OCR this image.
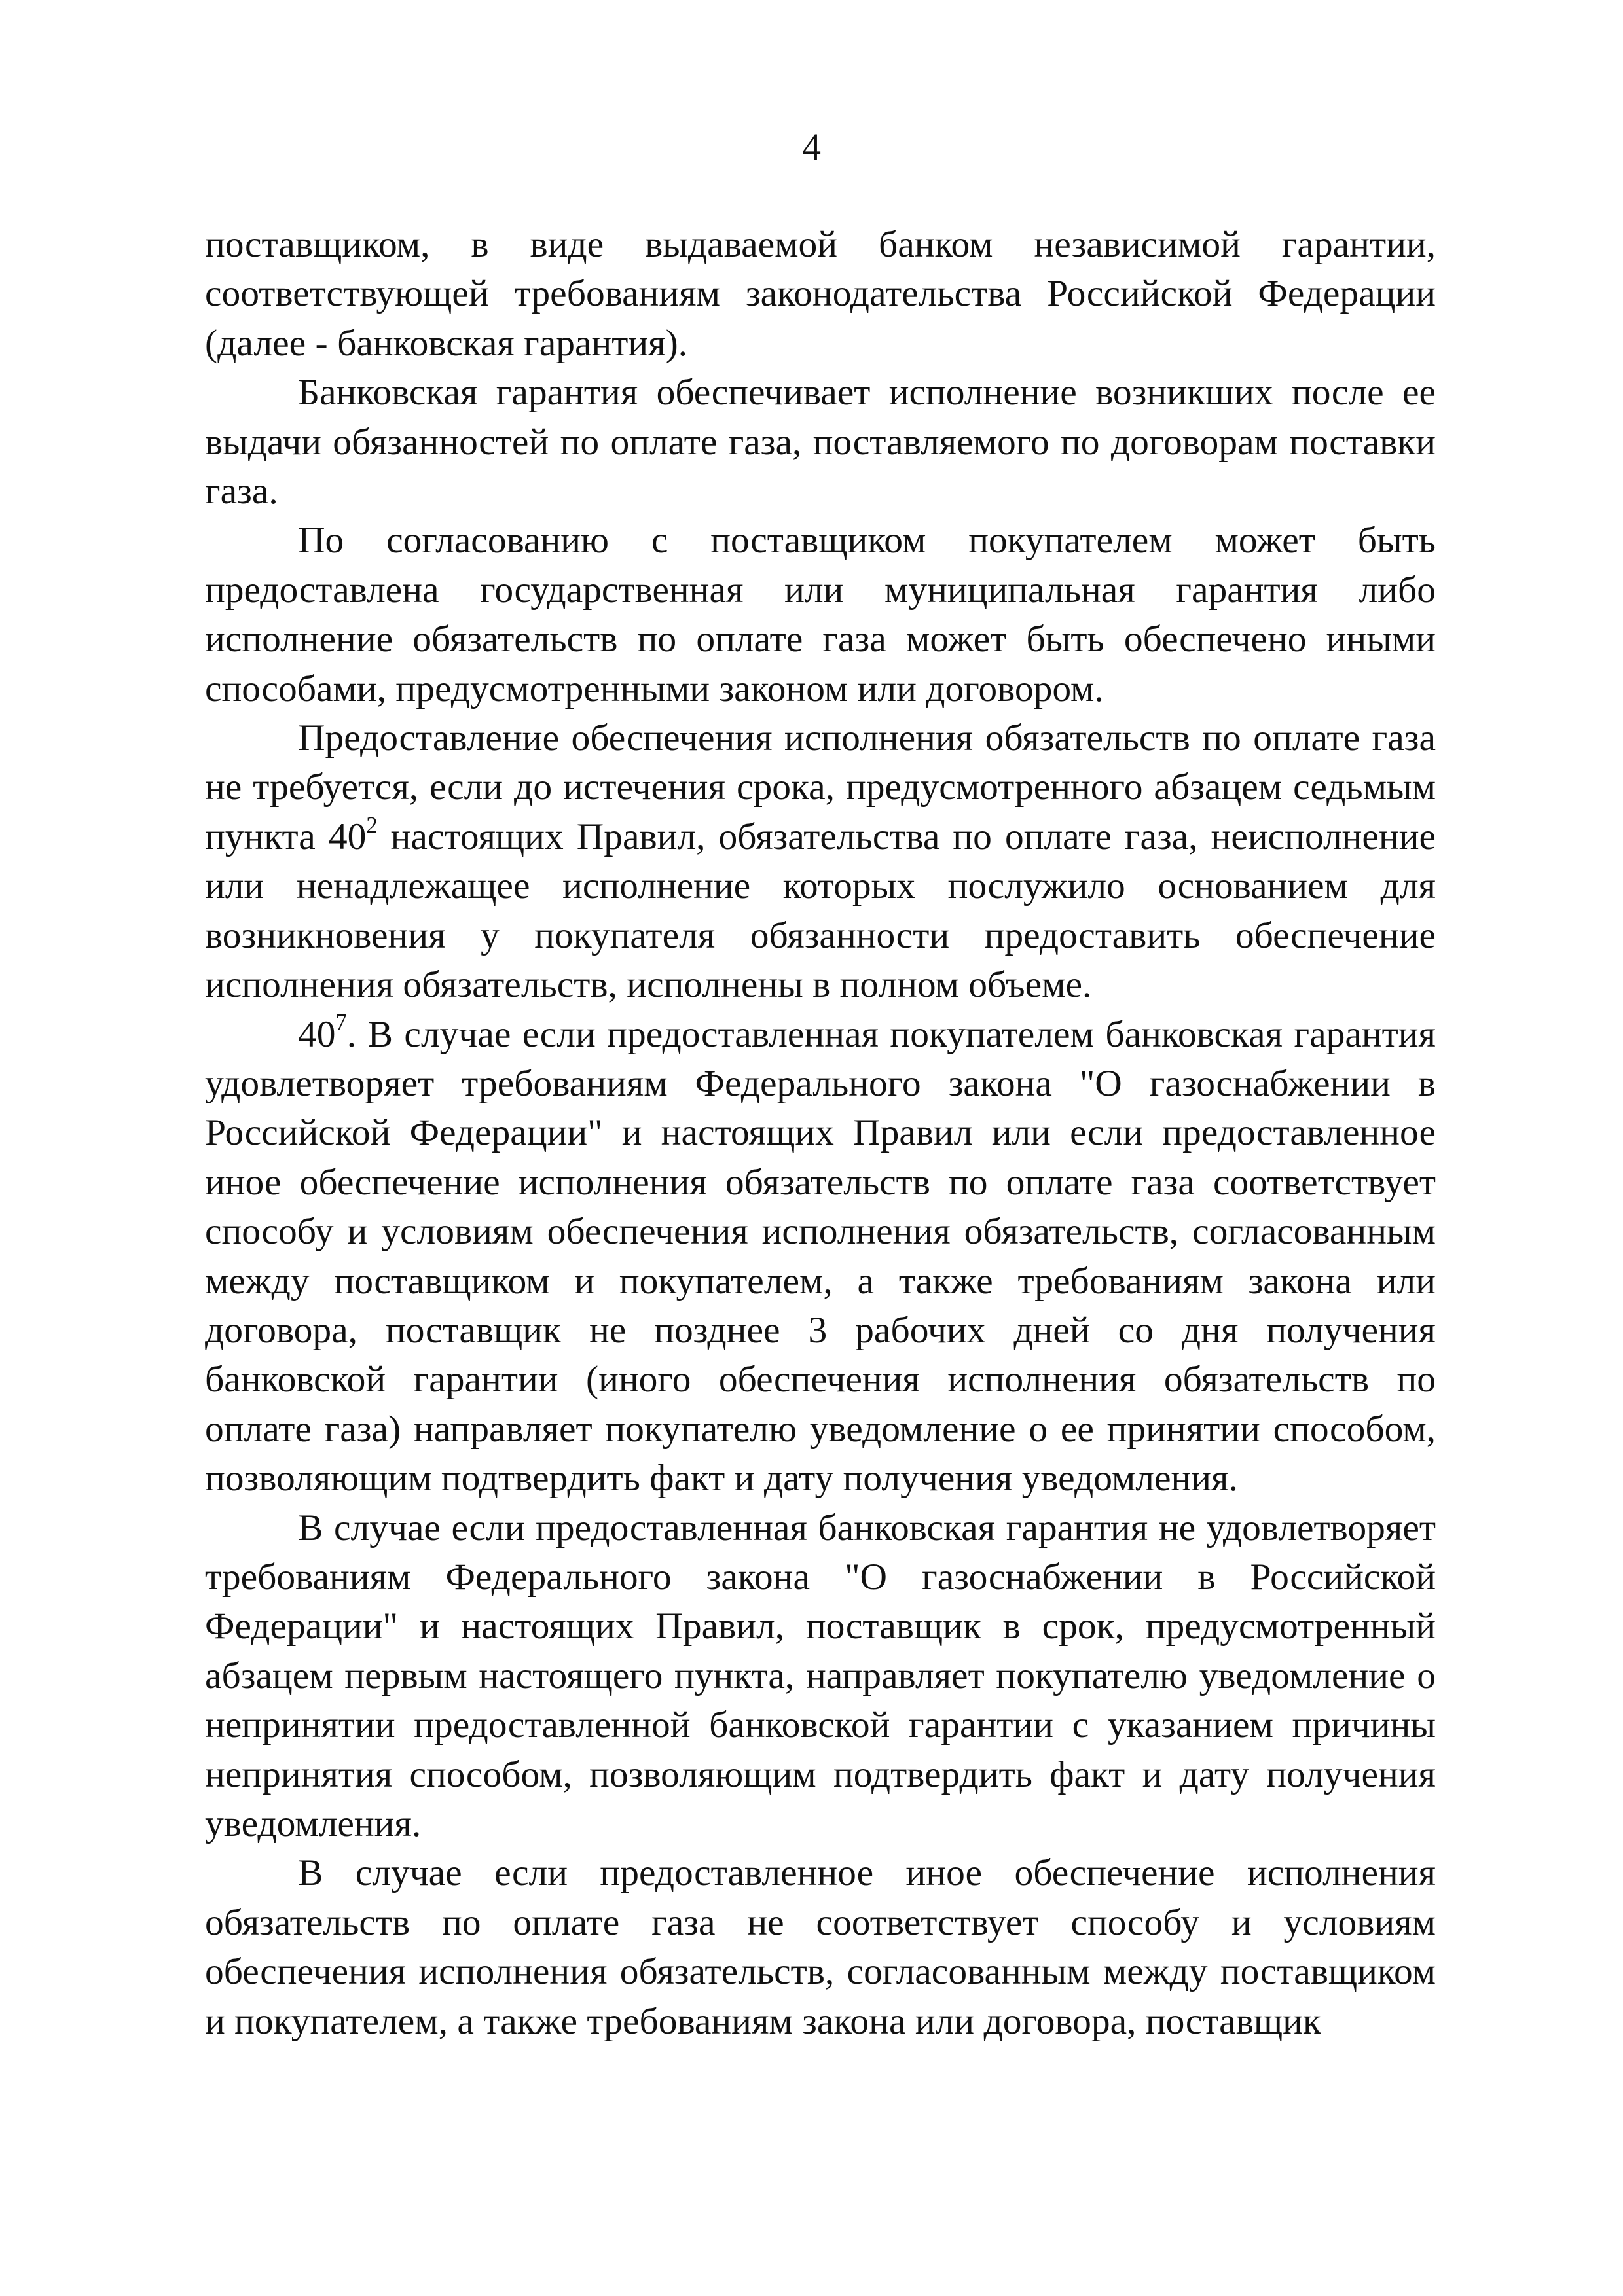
4

поставщиком, в виде выдаваемой банком независимой гарантии, соответствующей требованиям законодательства Российской Федерации (далее - банковская гарантия).

Банковская гарантия обеспечивает исполнение возникших после ее выдачи обязанностей по оплате газа, поставляемого по договорам поставки газа.

По согласованию с поставщиком покупателем может быть предоставлена государственная или муниципальная гарантия либо исполнение обязательств по оплате газа может быть обеспечено иными способами, предусмотренными законом или договором.

Предоставление обеспечения исполнения обязательств по оплате газа не требуется, если до истечения срока, предусмотренного абзацем седьмым пункта $40^2$ настоящих Правил, обязательства по оплате газа, неисполнение или ненадлежащее исполнение которых послужило основанием для возникновения у покупателя обязанности предоставить обеспечение исполнения обязательств, исполнены в полном объеме.

$40^7$. В случае если предоставленная покупателем банковская гарантия удовлетворяет требованиям Федерального закона "О газоснабжении в Российской Федерации" и настоящих Правил или если предоставленное иное обеспечение исполнения обязательств по оплате газа соответствует способу и условиям обеспечения исполнения обязательств, согласованным между поставщиком и покупателем, а также требованиям закона или договора, поставщик не позднее 3 рабочих дней со дня получения банковской гарантии (иного обеспечения исполнения обязательств по оплате газа) направляет покупателю уведомление о ее принятии способом, позволяющим подтвердить факт и дату получения уведомления.

В случае если предоставленная банковская гарантия не удовлетворяет требованиям Федерального закона "О газоснабжении в Российской Федерации" и настоящих Правил, поставщик в срок, предусмотренный абзацем первым настоящего пункта, направляет покупателю уведомление о непринятии предоставленной банковской гарантии с указанием причины непринятия способом, позволяющим подтвердить факт и дату получения уведомления.

В случае если предоставленное иное обеспечение исполнения обязательств по оплате газа не соответствует способу и условиям обеспечения исполнения обязательств, согласованным между поставщиком и покупателем, а также требованиям закона или договора, поставщик
